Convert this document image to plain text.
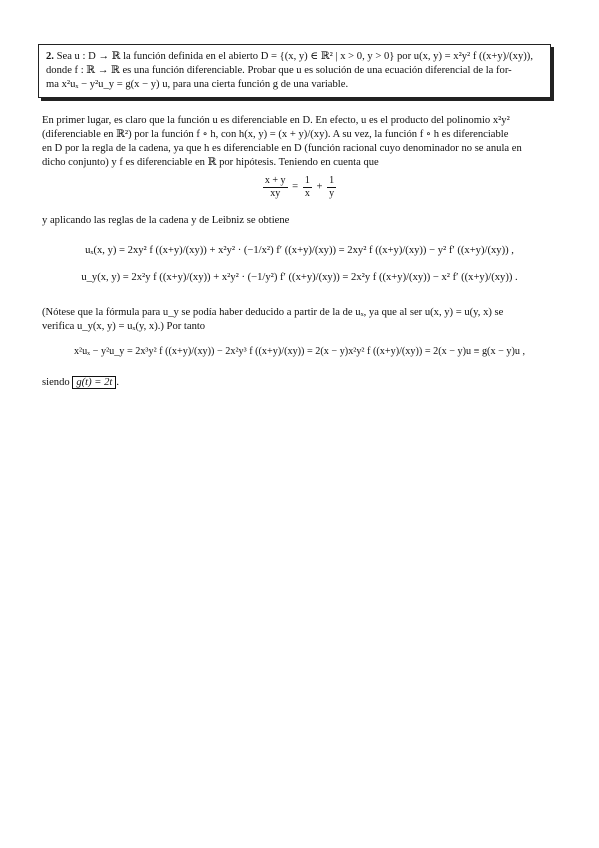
2. Sea u : D → ℝ la función definida en el abierto D = {(x, y) ∈ ℝ² | x > 0, y > 0} por u(x, y) = x²y² f ((x+y)/(xy)),

donde f : ℝ → ℝ es una función diferenciable. Probar que u es solución de una ecuación diferencial de la for-

ma x²uₓ − y²u_y = g(x − y) u, para una cierta función g de una variable.

En primer lugar, es claro que la función u es diferenciable en D. En efecto, u es el producto del polinomio x²y²

(diferenciable en ℝ²) por la función f ∘ h, con h(x, y) = (x + y)/(xy). A su vez, la función f ∘ h es diferenciable

en D por la regla de la cadena, ya que h es diferenciable en D (función racional cuyo denominador no se anula en

dicho conjunto) y f es diferenciable en ℝ por hipótesis. Teniendo en cuenta que

$\frac{x + y}{xy} = \frac{1}{x} + \frac{1}{y}$

y aplicando las reglas de la cadena y de Leibniz se obtiene

uₓ(x, y) = 2xy² f ((x+y)/(xy)) + x²y² · (−1/x²) f′ ((x+y)/(xy)) = 2xy² f ((x+y)/(xy)) − y² f′ ((x+y)/(xy)) ,

u_y(x, y) = 2x²y f ((x+y)/(xy)) + x²y² · (−1/y²) f′ ((x+y)/(xy)) = 2x²y f ((x+y)/(xy)) − x² f′ ((x+y)/(xy)) .

(Nótese que la fórmula para u_y se podía haber deducido a partir de la de uₓ, ya que al ser u(x, y) = u(y, x) se

verifica u_y(x, y) = uₓ(y, x).) Por tanto

x²uₓ − y²u_y = 2x³y² f ((x+y)/(xy)) − 2x²y³ f ((x+y)/(xy)) = 2(x − y)x²y² f ((x+y)/(xy)) = 2(x − y)u ≡ g(x − y)u ,

siendo g(t) = 2t .
